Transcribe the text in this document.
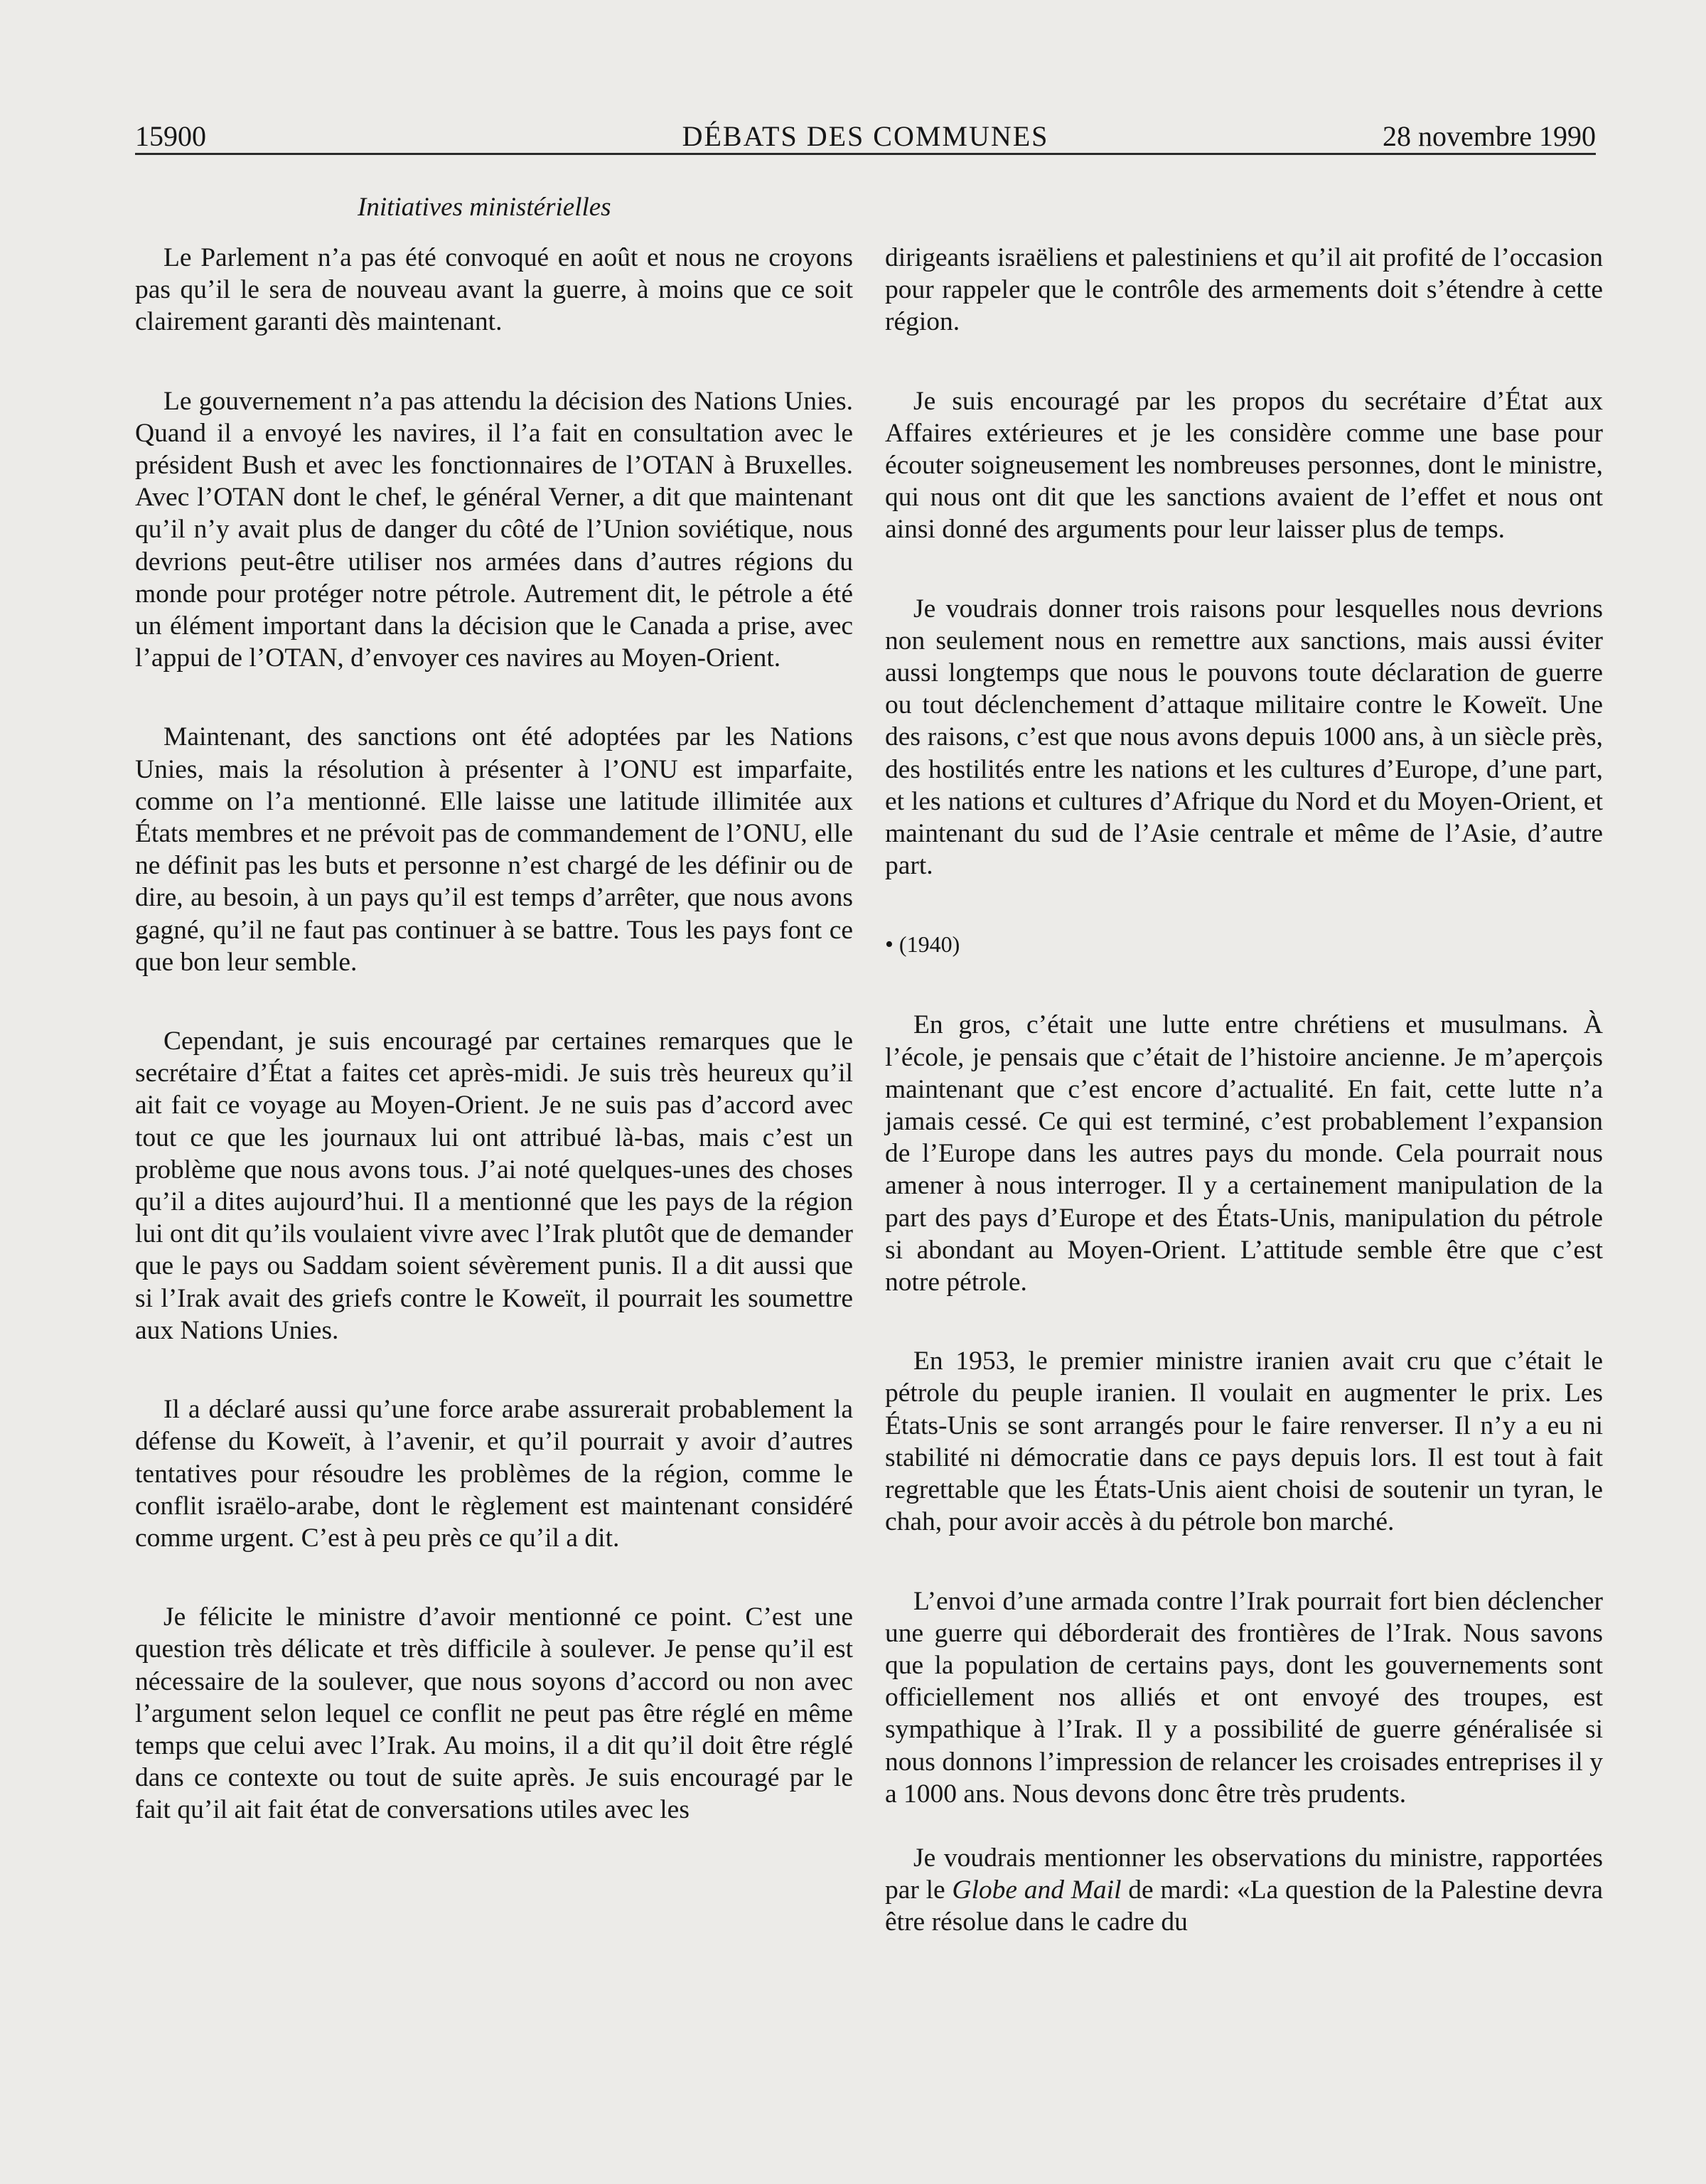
15900	DÉBATS DES COMMUNES	28 novembre 1990
Initiatives ministérielles

Le Parlement n’a pas été convoqué en août et nous ne croyons pas qu’il le sera de nouveau avant la guerre, à moins que ce soit clairement garanti dès maintenant.

Le gouvernement n’a pas attendu la décision des Nations Unies. Quand il a envoyé les navires, il l’a fait en consultation avec le président Bush et avec les fonctionnaires de l’OTAN à Bruxelles. Avec l’OTAN dont le chef, le général Verner, a dit que maintenant qu’il n’y avait plus de danger du côté de l’Union soviétique, nous devrions peut-être utiliser nos armées dans d’autres régions du monde pour protéger notre pétrole. Autrement dit, le pétrole a été un élément important dans la décision que le Canada a prise, avec l’appui de l’OTAN, d’envoyer ces navires au Moyen-Orient.

Maintenant, des sanctions ont été adoptées par les Nations Unies, mais la résolution à présenter à l’ONU est imparfaite, comme on l’a mentionné. Elle laisse une latitude illimitée aux États membres et ne prévoit pas de commandement de l’ONU, elle ne définit pas les buts et personne n’est chargé de les définir ou de dire, au besoin, à un pays qu’il est temps d’arrêter, que nous avons gagné, qu’il ne faut pas continuer à se battre. Tous les pays font ce que bon leur semble.

Cependant, je suis encouragé par certaines remarques que le secrétaire d’État a faites cet après-midi. Je suis très heureux qu’il ait fait ce voyage au Moyen-Orient. Je ne suis pas d’accord avec tout ce que les journaux lui ont attribué là-bas, mais c’est un problème que nous avons tous. J’ai noté quelques-unes des choses qu’il a dites aujourd’hui. Il a mentionné que les pays de la région lui ont dit qu’ils voulaient vivre avec l’Irak plutôt que de demander que le pays ou Saddam soient sévèrement punis. Il a dit aussi que si l’Irak avait des griefs contre le Koweït, il pourrait les soumettre aux Nations Unies.

Il a déclaré aussi qu’une force arabe assurerait probablement la défense du Koweït, à l’avenir, et qu’il pourrait y avoir d’autres tentatives pour résoudre les problèmes de la région, comme le conflit israëlo-arabe, dont le règlement est maintenant considéré comme urgent. C’est à peu près ce qu’il a dit.

Je félicite le ministre d’avoir mentionné ce point. C’est une question très délicate et très difficile à soulever. Je pense qu’il est nécessaire de la soulever, que nous soyons d’accord ou non avec l’argument selon lequel ce conflit ne peut pas être réglé en même temps que celui avec l’Irak. Au moins, il a dit qu’il doit être réglé dans ce contexte ou tout de suite après. Je suis encouragé par le fait qu’il ait fait état de conversations utiles avec les

dirigeants israëliens et palestiniens et qu’il ait profité de l’occasion pour rappeler que le contrôle des armements doit s’étendre à cette région.

Je suis encouragé par les propos du secrétaire d’État aux Affaires extérieures et je les considère comme une base pour écouter soigneusement les nombreuses personnes, dont le ministre, qui nous ont dit que les sanctions avaient de l’effet et nous ont ainsi donné des arguments pour leur laisser plus de temps.

Je voudrais donner trois raisons pour lesquelles nous devrions non seulement nous en remettre aux sanctions, mais aussi éviter aussi longtemps que nous le pouvons toute déclaration de guerre ou tout déclenchement d’attaque militaire contre le Koweït. Une des raisons, c’est que nous avons depuis 1000 ans, à un siècle près, des hostilités entre les nations et les cultures d’Europe, d’une part, et les nations et cultures d’Afrique du Nord et du Moyen-Orient, et maintenant du sud de l’Asie centrale et même de l’Asie, d’autre part.

• (1940)

En gros, c’était une lutte entre chrétiens et musulmans. À l’école, je pensais que c’était de l’histoire ancienne. Je m’aperçois maintenant que c’est encore d’actualité. En fait, cette lutte n’a jamais cessé. Ce qui est terminé, c’est probablement l’expansion de l’Europe dans les autres pays du monde. Cela pourrait nous amener à nous interroger. Il y a certainement manipulation de la part des pays d’Europe et des États-Unis, manipulation du pétrole si abondant au Moyen-Orient. L’attitude semble être que c’est notre pétrole.

En 1953, le premier ministre iranien avait cru que c’était le pétrole du peuple iranien. Il voulait en augmenter le prix. Les États-Unis se sont arrangés pour le faire renverser. Il n’y a eu ni stabilité ni démocratie dans ce pays depuis lors. Il est tout à fait regrettable que les États-Unis aient choisi de soutenir un tyran, le chah, pour avoir accès à du pétrole bon marché.

L’envoi d’une armada contre l’Irak pourrait fort bien déclencher une guerre qui déborderait des frontières de l’Irak. Nous savons que la population de certains pays, dont les gouvernements sont officiellement nos alliés et ont envoyé des troupes, est sympathique à l’Irak. Il y a possibilité de guerre généralisée si nous donnons l’impression de relancer les croisades entreprises il y a 1000 ans. Nous devons donc être très prudents.

Je voudrais mentionner les observations du ministre, rapportées par le Globe and Mail de mardi: «La question de la Palestine devra être résolue dans le cadre du
